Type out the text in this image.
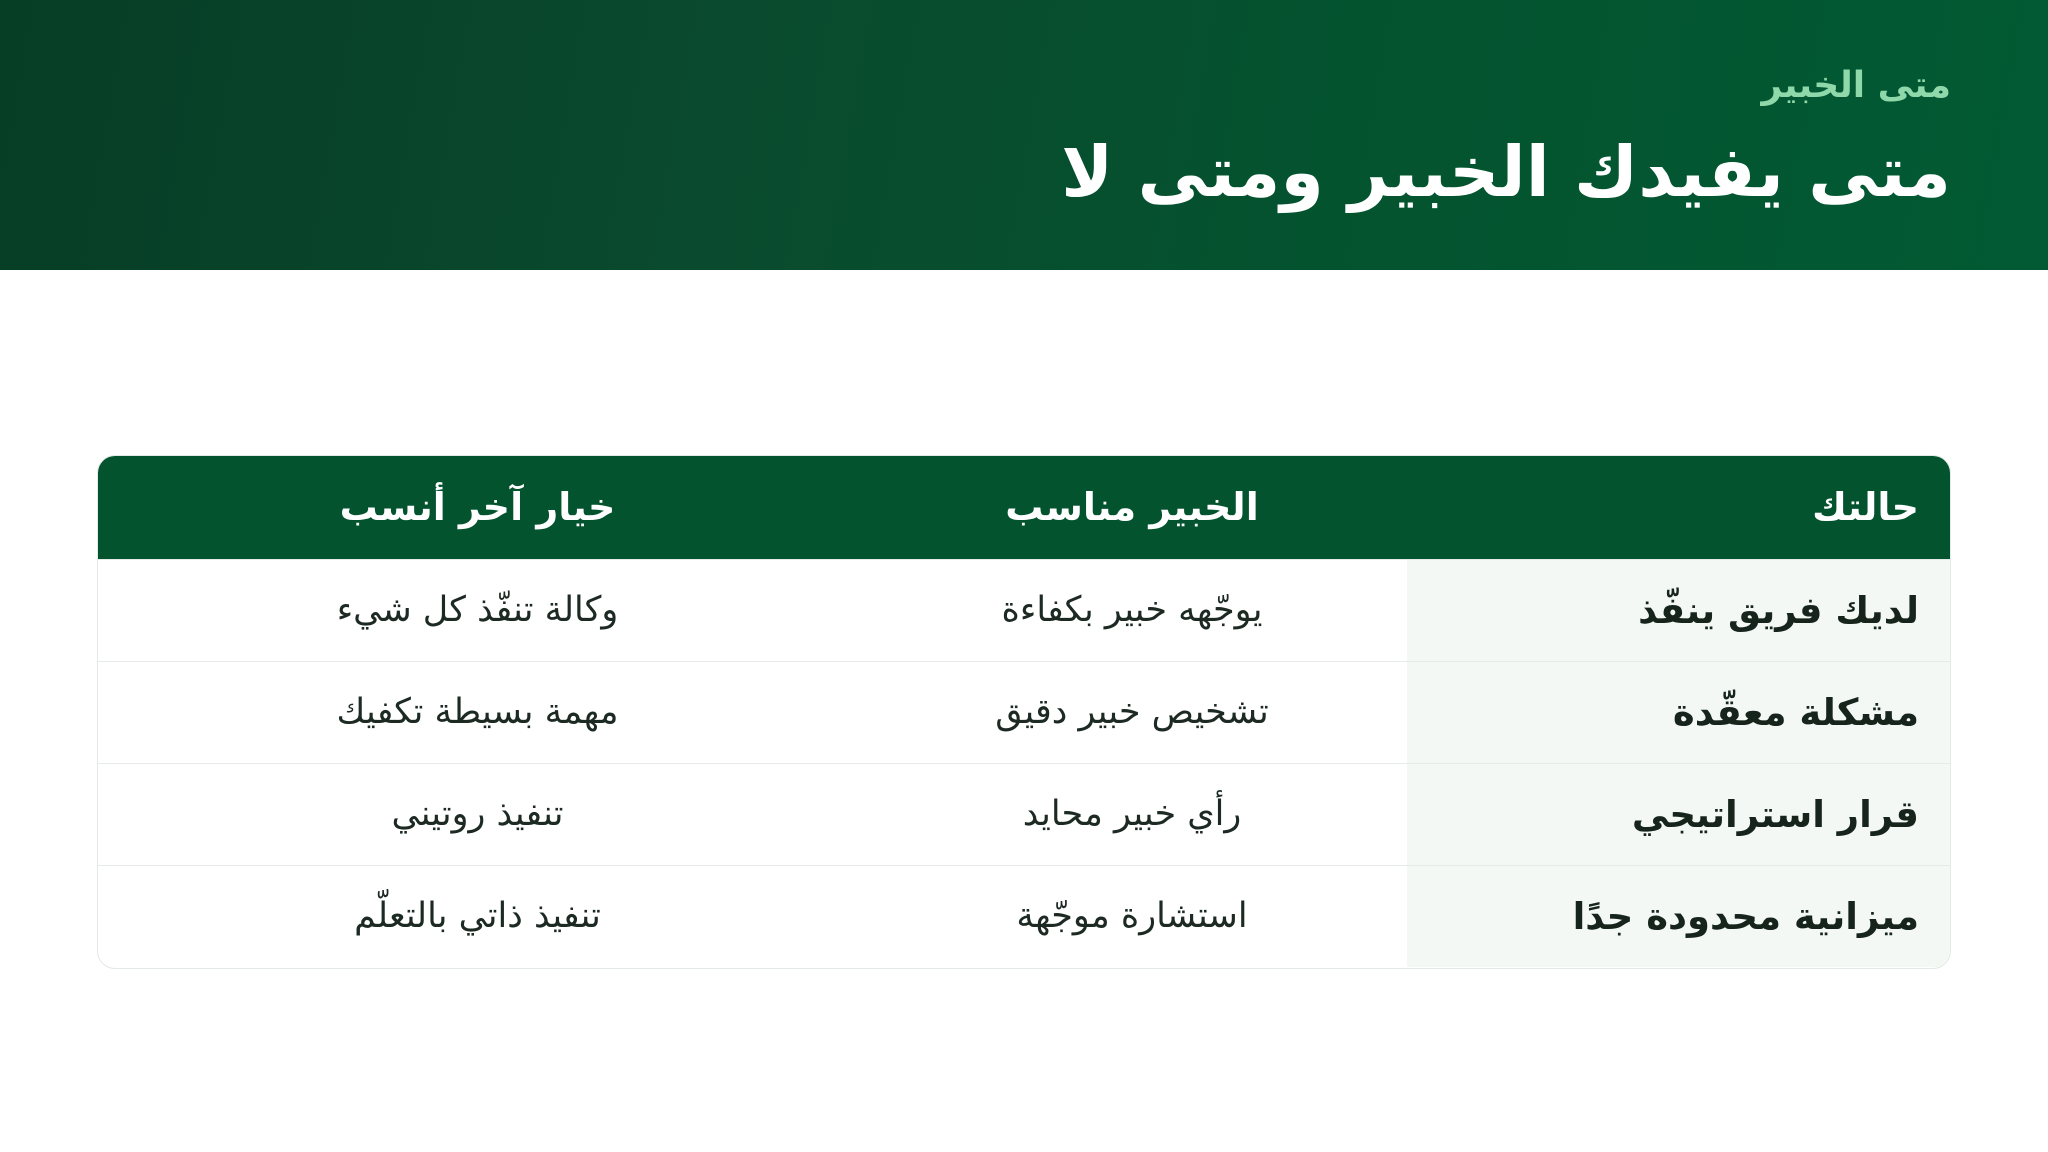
متى الخبير
متى يفيدك الخبير ومتى لا
حالتك	الخبير مناسب	خيار آخر أنسب
لديك فريق ينفّذ	يوجّهه خبير بكفاءة	وكالة تنفّذ كل شيء
مشكلة معقّدة	تشخيص خبير دقيق	مهمة بسيطة تكفيك
قرار استراتيجي	رأي خبير محايد	تنفيذ روتيني
ميزانية محدودة جدًا	استشارة موجّهة	تنفيذ ذاتي بالتعلّم
